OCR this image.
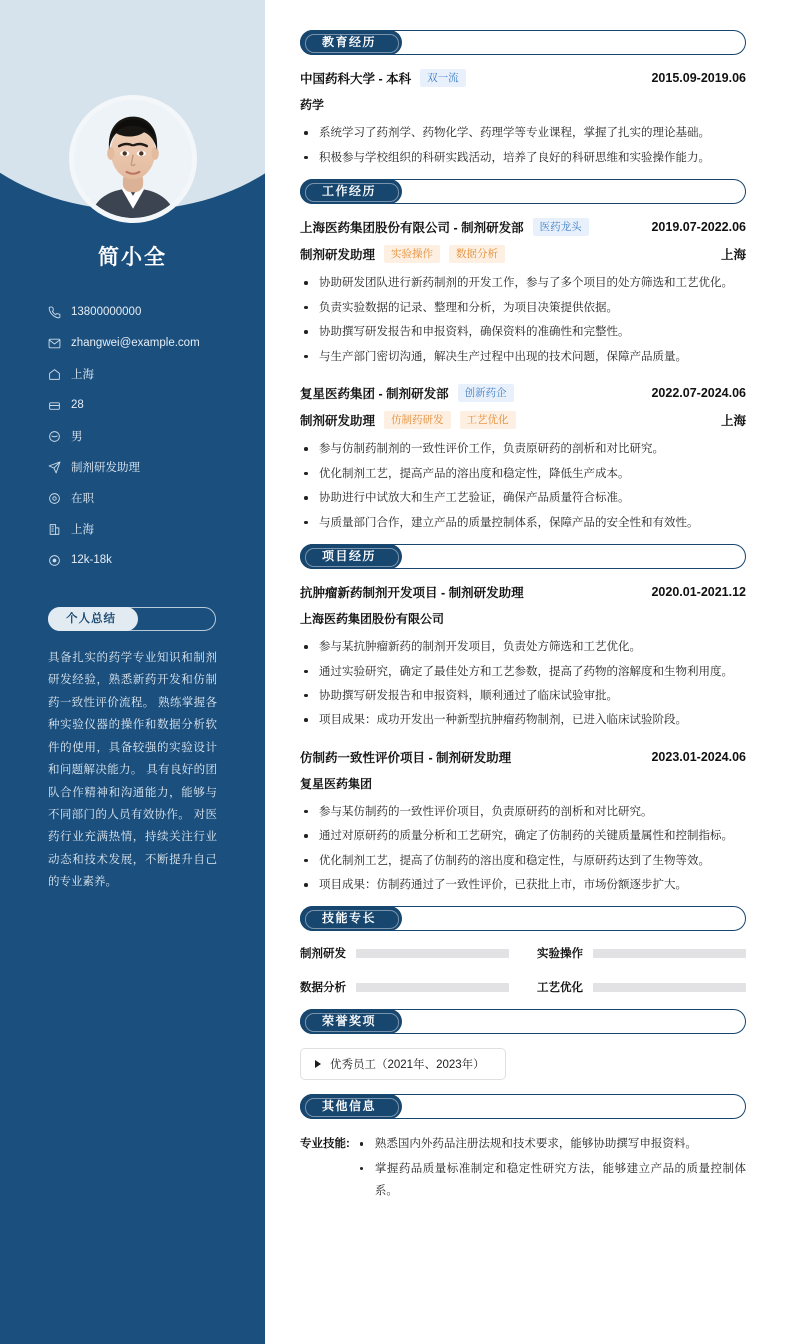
简小全
13800000000
zhangwei@example.com
上海
28
男
制剂研发助理
在职
上海
12k-18k
个人总结
具备扎实的药学专业知识和制剂研发经验，熟悉新药开发和仿制药一致性评价流程。 熟练掌握各种实验仪器的操作和数据分析软件的使用，具备较强的实验设计和问题解决能力。 具有良好的团队合作精神和沟通能力，能够与不同部门的人员有效协作。 对医药行业充满热情，持续关注行业动态和技术发展，不断提升自己的专业素养。
教育经历
中国药科大学 - 本科	双一流	2015.09-2019.06
药学
系统学习了药剂学、药物化学、药理学等专业课程，掌握了扎实的理论基础。
积极参与学校组织的科研实践活动，培养了良好的科研思维和实验操作能力。
工作经历
上海医药集团股份有限公司 - 制剂研发部	医药龙头	2019.07-2022.06
制剂研发助理	实验操作	数据分析	上海
协助研发团队进行新药制剂的开发工作，参与了多个项目的处方筛选和工艺优化。
负责实验数据的记录、整理和分析，为项目决策提供依据。
协助撰写研发报告和申报资料，确保资料的准确性和完整性。
与生产部门密切沟通，解决生产过程中出现的技术问题，保障产品质量。
复星医药集团 - 制剂研发部	创新药企	2022.07-2024.06
制剂研发助理	仿制药研发	工艺优化	上海
参与仿制药制剂的一致性评价工作，负责原研药的剖析和对比研究。
优化制剂工艺，提高产品的溶出度和稳定性，降低生产成本。
协助进行中试放大和生产工艺验证，确保产品质量符合标准。
与质量部门合作，建立产品的质量控制体系，保障产品的安全性和有效性。
项目经历
抗肿瘤新药制剂开发项目 - 制剂研发助理	2020.01-2021.12
上海医药集团股份有限公司
参与某抗肿瘤新药的制剂开发项目，负责处方筛选和工艺优化。
通过实验研究，确定了最佳处方和工艺参数，提高了药物的溶解度和生物利用度。
协助撰写研发报告和申报资料，顺利通过了临床试验审批。
项目成果：成功开发出一种新型抗肿瘤药物制剂，已进入临床试验阶段。
仿制药一致性评价项目 - 制剂研发助理	2023.01-2024.06
复星医药集团
参与某仿制药的一致性评价项目，负责原研药的剖析和对比研究。
通过对原研药的质量分析和工艺研究，确定了仿制药的关键质量属性和控制指标。
优化制剂工艺，提高了仿制药的溶出度和稳定性，与原研药达到了生物等效。
项目成果：仿制药通过了一致性评价，已获批上市，市场份额逐步扩大。
技能专长
制剂研发	实验操作
数据分析	工艺优化
荣誉奖项
优秀员工（2021年、2023年）
其他信息
专业技能:	熟悉国内外药品注册法规和技术要求，能够协助撰写申报资料。
掌握药品质量标准制定和稳定性研究方法，能够建立产品的质量控制体系。
